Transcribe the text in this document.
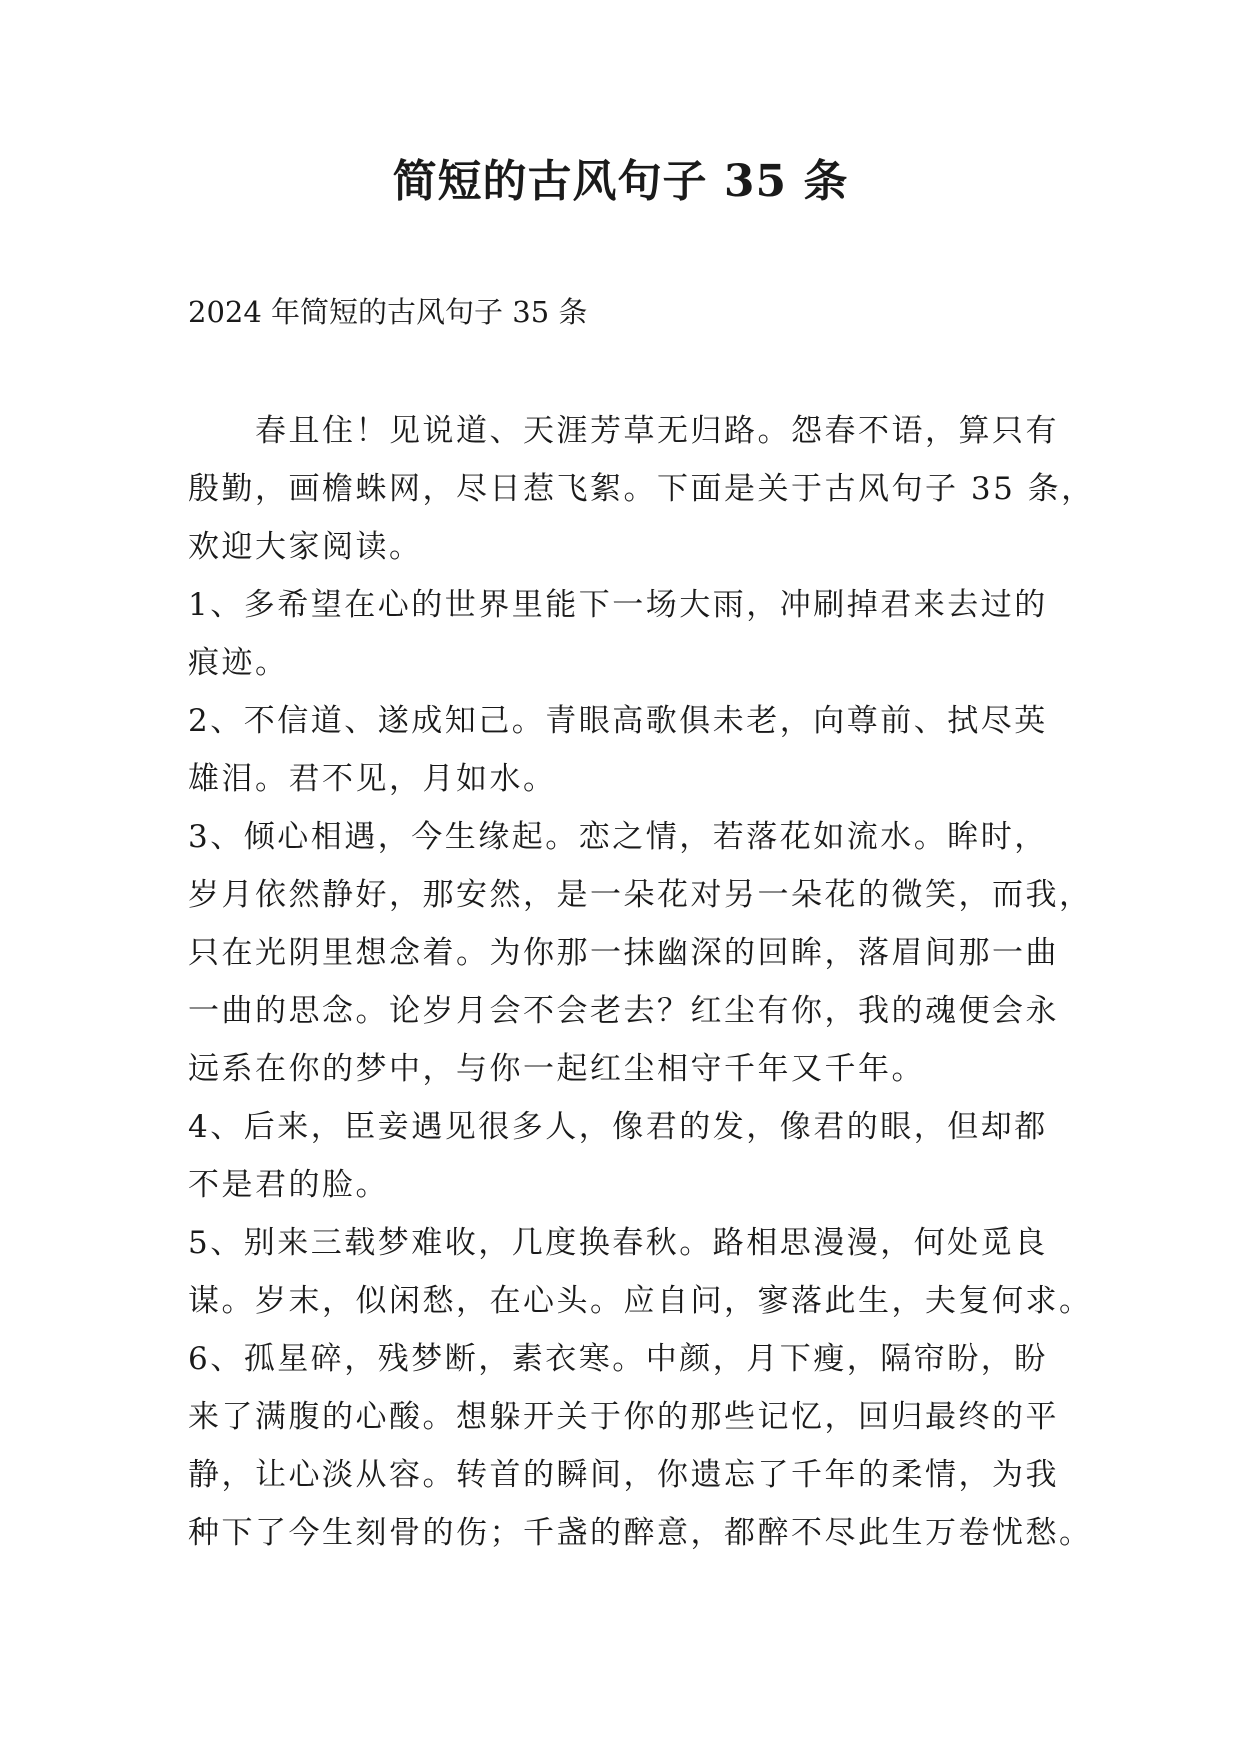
简短的古风句子 35 条

2024 年简短的古风句子 35 条

　　春且住！见说道、天涯芳草无归路。怨春不语，算只有
殷勤，画檐蛛网，尽日惹飞絮。下面是关于古风句子 35 条，
欢迎大家阅读。
1、多希望在心的世界里能下一场大雨，冲刷掉君来去过的
痕迹。
2、不信道、遂成知己。青眼高歌俱未老，向尊前、拭尽英
雄泪。君不见，月如水。
3、倾心相遇，今生缘起。恋之情，若落花如流水。眸时，
岁月依然静好，那安然，是一朵花对另一朵花的微笑，而我，
只在光阴里想念着。为你那一抹幽深的回眸，落眉间那一曲
一曲的思念。论岁月会不会老去？红尘有你，我的魂便会永
远系在你的梦中，与你一起红尘相守千年又千年。
4、后来，臣妾遇见很多人，像君的发，像君的眼，但却都
不是君的脸。
5、别来三载梦难收，几度换春秋。路相思漫漫，何处觅良
谋。岁末，似闲愁，在心头。应自问，寥落此生，夫复何求。
6、孤星碎，残梦断，素衣寒。中颜，月下瘦，隔帘盼，盼
来了满腹的心酸。想躲开关于你的那些记忆，回归最终的平
静，让心淡从容。转首的瞬间，你遗忘了千年的柔情，为我
种下了今生刻骨的伤；千盏的醉意，都醉不尽此生万卷忧愁。
